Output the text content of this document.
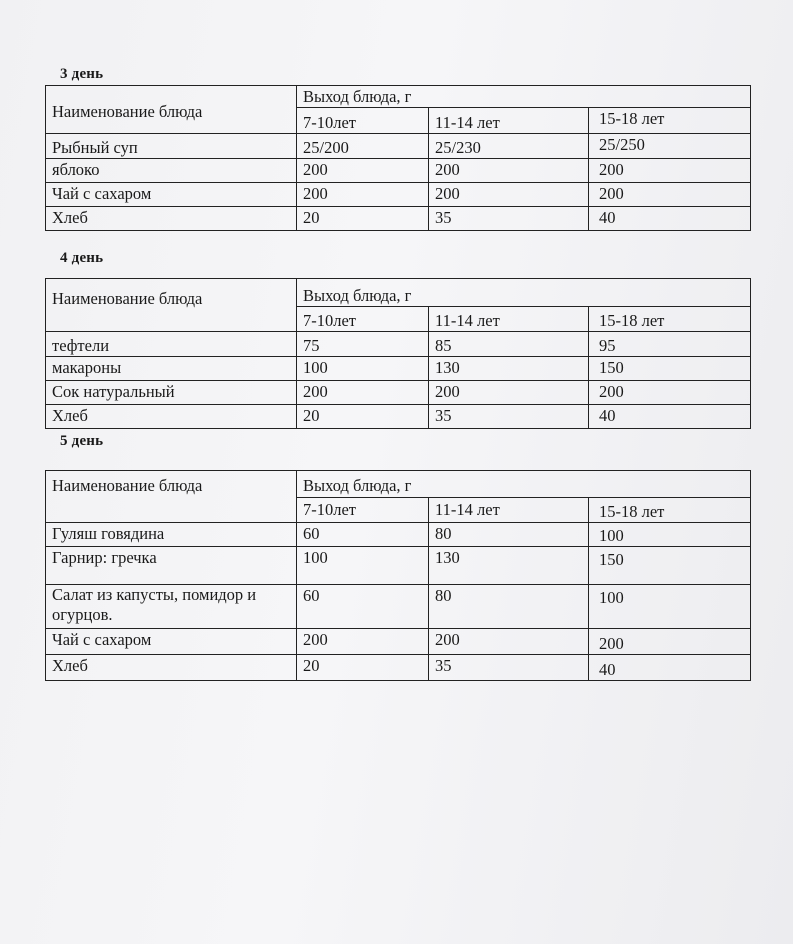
3 день
Наименование блюда	Выход блюда, г		
	7-10лет	11-14 лет	15-18 лет
Рыбный суп	25/200	25/230	25/250
яблоко	200	200	200
Чай с сахаром	200	200	200
Хлеб	20	35	40
4 день
Наименование блюда	Выход блюда, г		
	7-10лет	11-14 лет	15-18 лет
тефтели	75	85	95
макароны	100	130	150
Сок натуральный	200	200	200
Хлеб	20	35	40
5 день
Наименование блюда	Выход блюда, г		
	7-10лет	11-14 лет	15-18 лет
Гуляш говядина	60	80	100
Гарнир: гречка	100	130	150
Салат из капусты, помидор и огурцов.	60	80	100
Чай с сахаром	200	200	200
Хлеб	20	35	40
